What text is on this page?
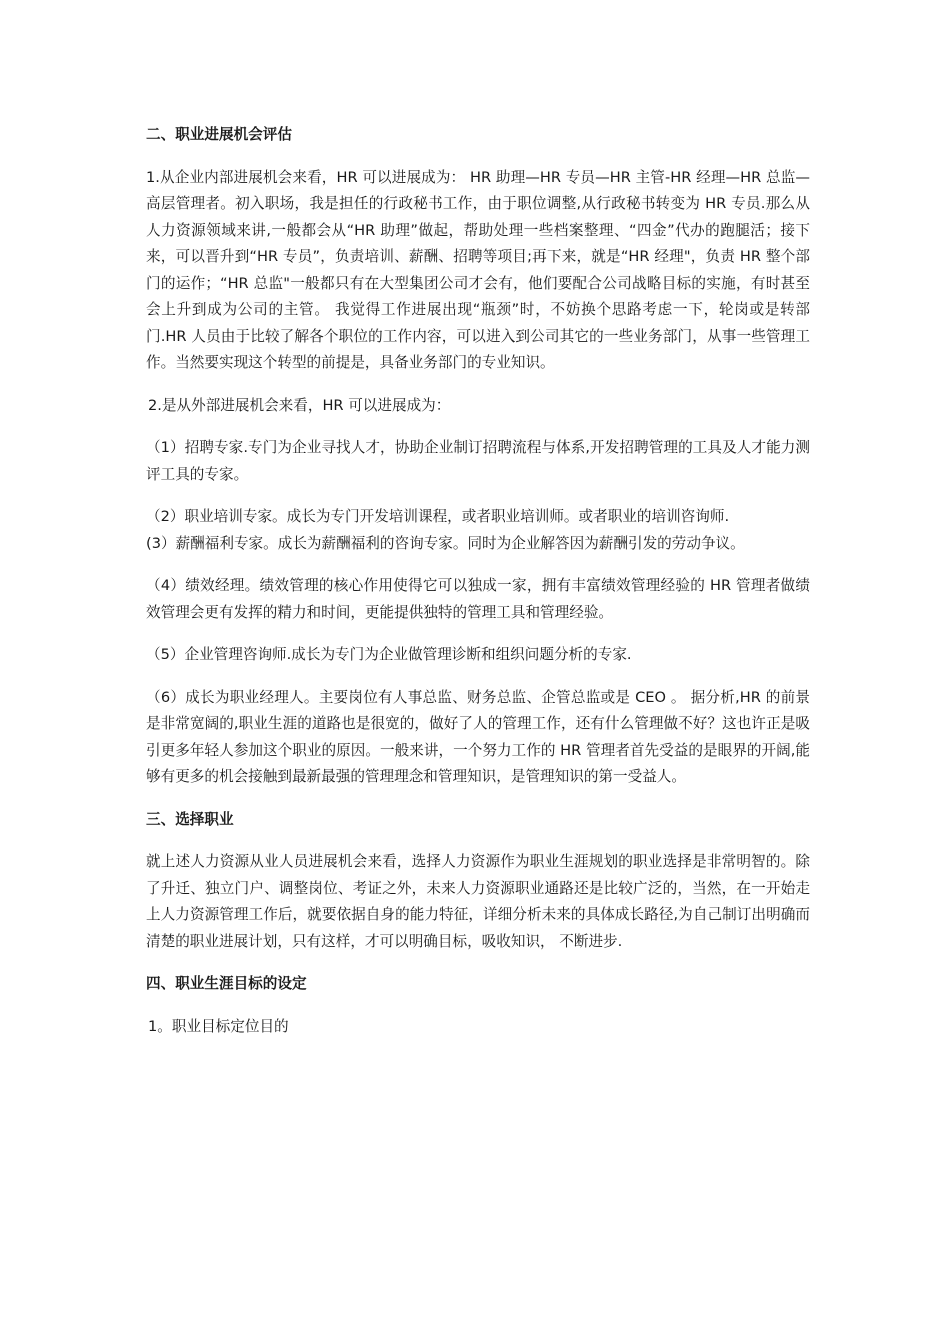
二、职业进展机会评估

1.从企业内部进展机会来看，HR 可以进展成为： HR 助理—HR 专员—HR 主管-HR 经理—HR 总监—高层管理者。初入职场，我是担任的行政秘书工作，由于职位调整,从行政秘书转变为 HR 专员.那么从人力资源领域来讲,一般都会从“HR 助理”做起，帮助处理一些档案整理、“四金”代办的跑腿活；接下来，可以晋升到“HR 专员”，负责培训、薪酬、招聘等项目;再下来，就是“HR 经理"，负责 HR 整个部门的运作；“HR 总监"一般都只有在大型集团公司才会有，他们要配合公司战略目标的实施，有时甚至会上升到成为公司的主管。 我觉得工作进展出现“瓶颈”时，不妨换个思路考虑一下，轮岗或是转部门.HR 人员由于比较了解各个职位的工作内容，可以进入到公司其它的一些业务部门，从事一些管理工作。当然要实现这个转型的前提是，具备业务部门的专业知识。

2.是从外部进展机会来看，HR 可以进展成为：

（1）招聘专家.专门为企业寻找人才，协助企业制订招聘流程与体系,开发招聘管理的工具及人才能力测评工具的专家。

（2）职业培训专家。成长为专门开发培训课程，或者职业培训师。或者职业的培训咨询师.

(3）薪酬福利专家。成长为薪酬福利的咨询专家。同时为企业解答因为薪酬引发的劳动争议。

（4）绩效经理。绩效管理的核心作用使得它可以独成一家，拥有丰富绩效管理经验的 HR 管理者做绩效管理会更有发挥的精力和时间，更能提供独特的管理工具和管理经验。

（5）企业管理咨询师.成长为专门为企业做管理诊断和组织问题分析的专家.

（6）成长为职业经理人。主要岗位有人事总监、财务总监、企管总监或是 CEO 。 据分析,HR 的前景是非常宽阔的,职业生涯的道路也是很宽的，做好了人的管理工作，还有什么管理做不好？这也许正是吸引更多年轻人参加这个职业的原因。一般来讲，一个努力工作的 HR 管理者首先受益的是眼界的开阔,能够有更多的机会接触到最新最强的管理理念和管理知识，是管理知识的第一受益人。

三、选择职业

就上述人力资源从业人员进展机会来看，选择人力资源作为职业生涯规划的职业选择是非常明智的。除了升迁、独立门户、调整岗位、考证之外，未来人力资源职业通路还是比较广泛的，当然，在一开始走上人力资源管理工作后，就要依据自身的能力特征，详细分析未来的具体成长路径,为自己制订出明确而清楚的职业进展计划，只有这样，才可以明确目标，吸收知识， 不断进步.

四、职业生涯目标的设定

1。职业目标定位目的
